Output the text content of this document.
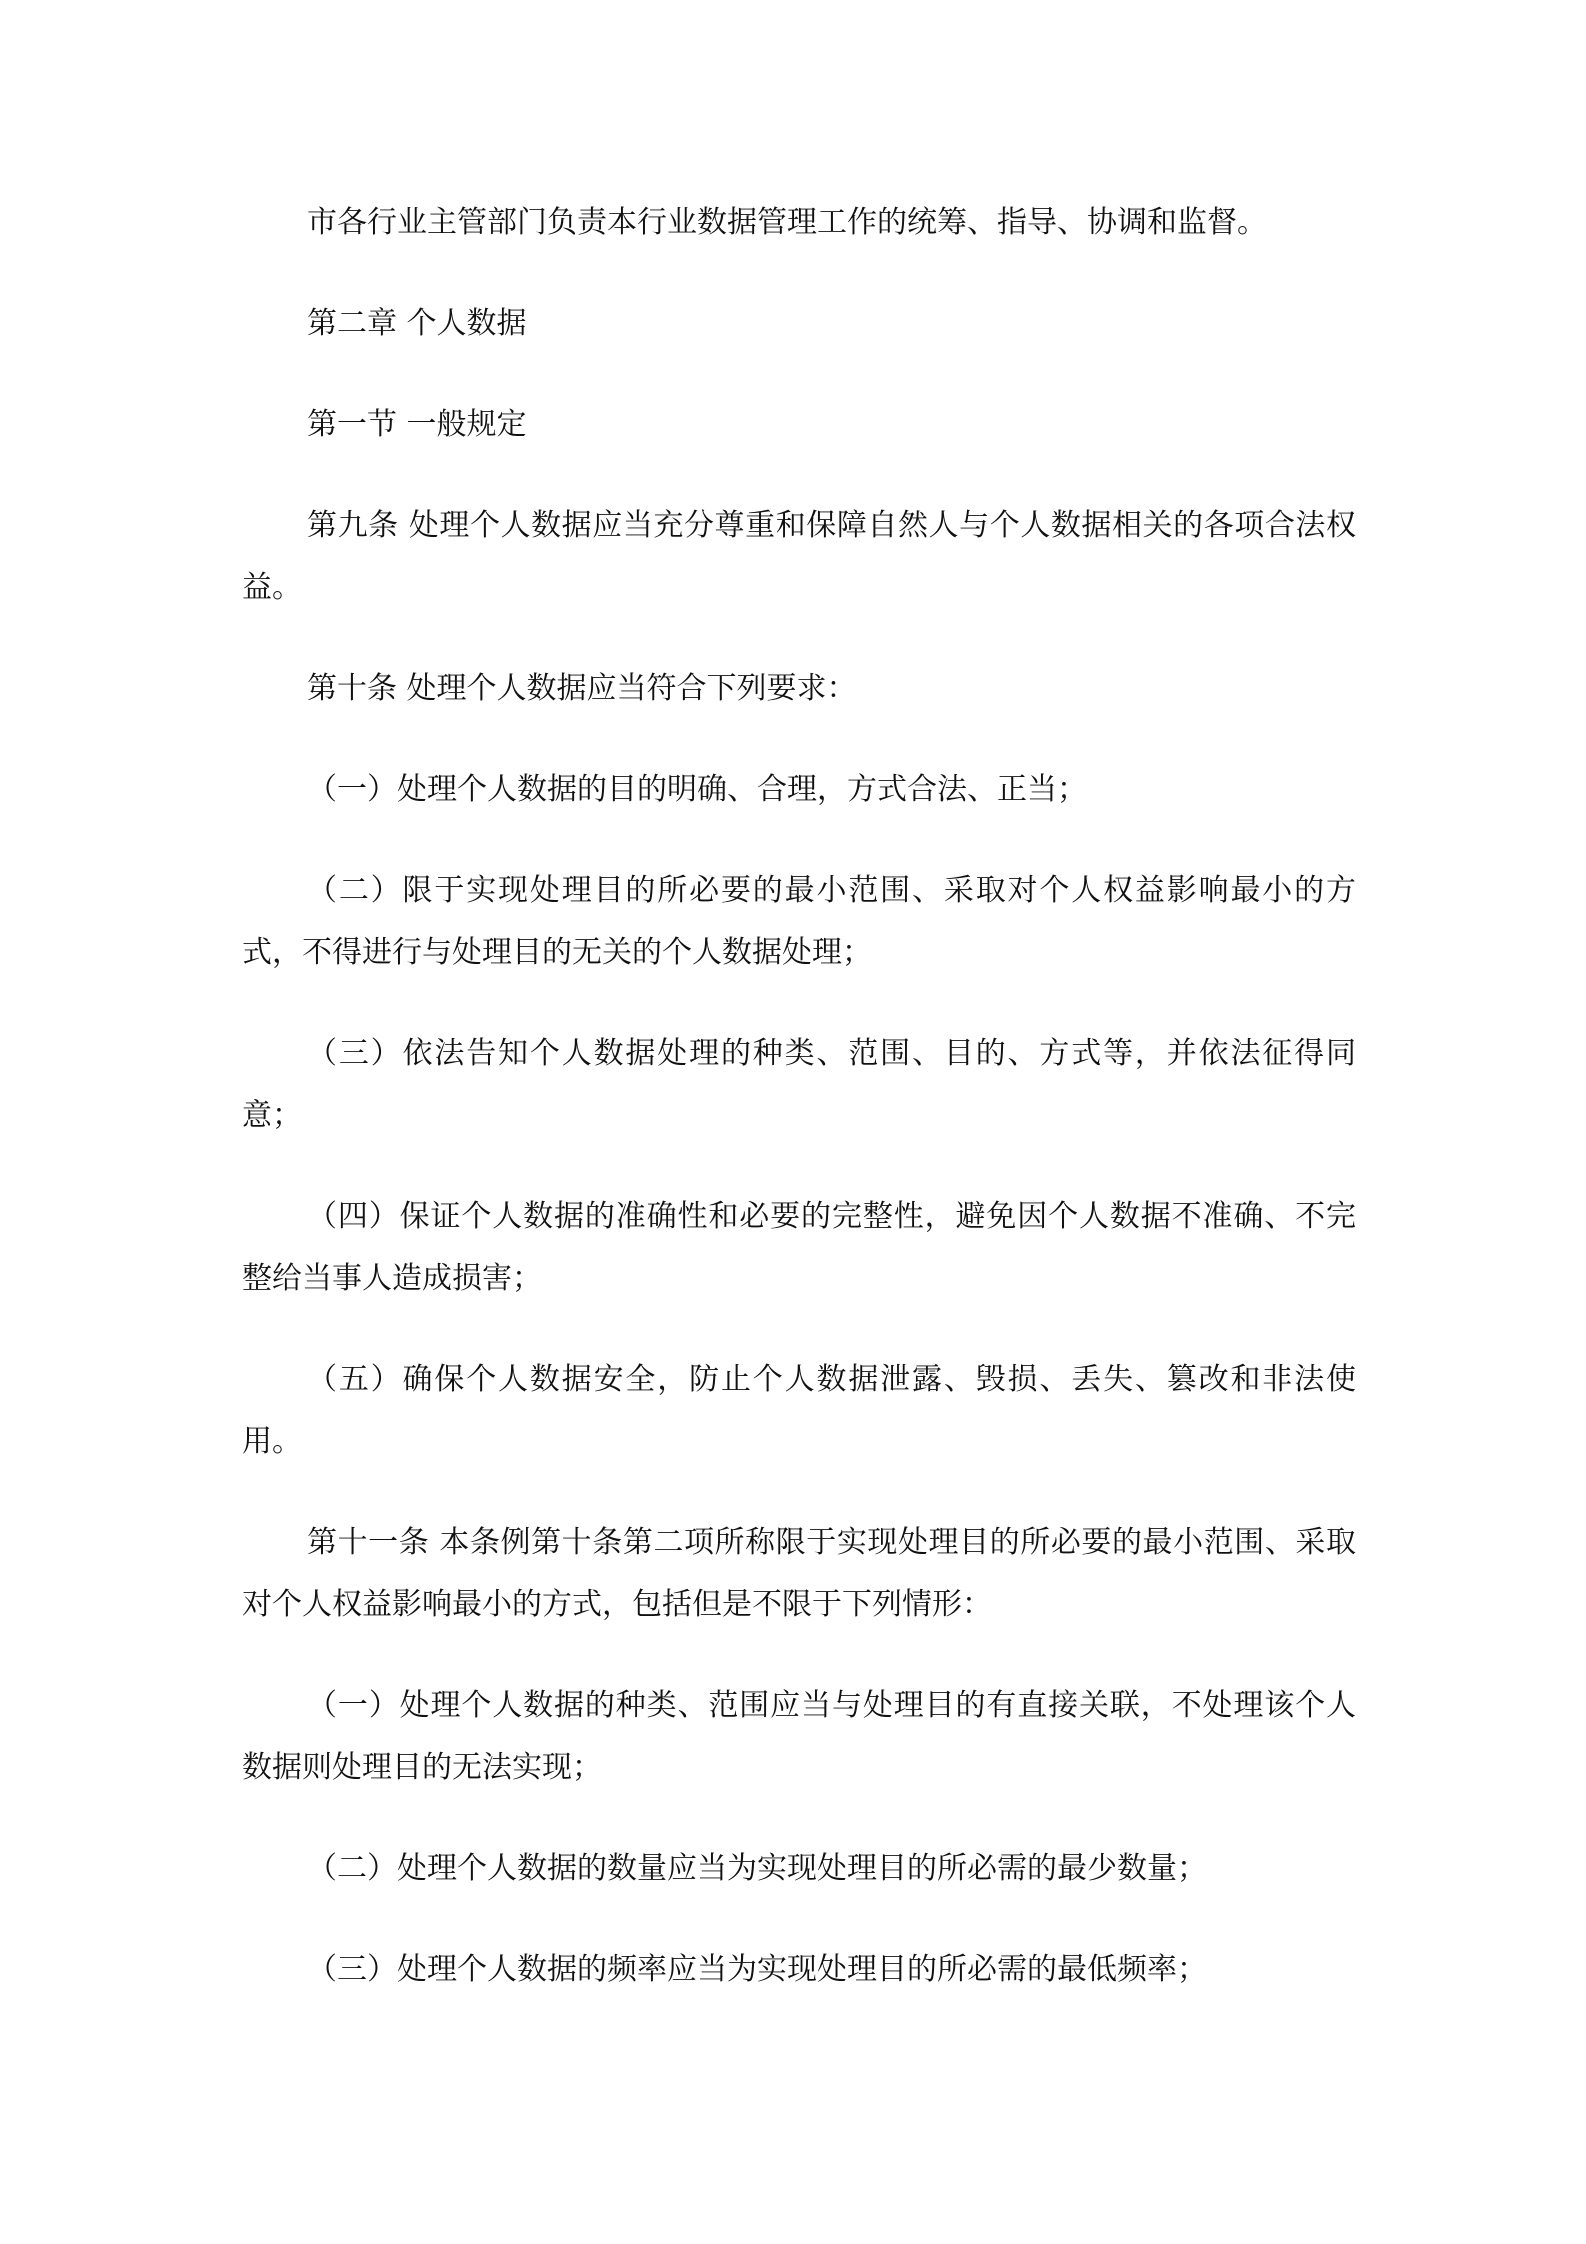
市各行业主管部门负责本行业数据管理工作的统筹、指导、协调和监督。

第二章 个人数据

第一节 一般规定

第九条 处理个人数据应当充分尊重和保障自然人与个人数据相关的各项合法权益。

第十条 处理个人数据应当符合下列要求：

（一）处理个人数据的目的明确、合理，方式合法、正当；

（二）限于实现处理目的所必要的最小范围、采取对个人权益影响最小的方式，不得进行与处理目的无关的个人数据处理；

（三）依法告知个人数据处理的种类、范围、目的、方式等，并依法征得同意；

（四）保证个人数据的准确性和必要的完整性，避免因个人数据不准确、不完整给当事人造成损害；

（五）确保个人数据安全，防止个人数据泄露、毁损、丢失、篡改和非法使用。

第十一条 本条例第十条第二项所称限于实现处理目的所必要的最小范围、采取对个人权益影响最小的方式，包括但是不限于下列情形：

（一）处理个人数据的种类、范围应当与处理目的有直接关联，不处理该个人数据则处理目的无法实现；

（二）处理个人数据的数量应当为实现处理目的所必需的最少数量；

（三）处理个人数据的频率应当为实现处理目的所必需的最低频率；
